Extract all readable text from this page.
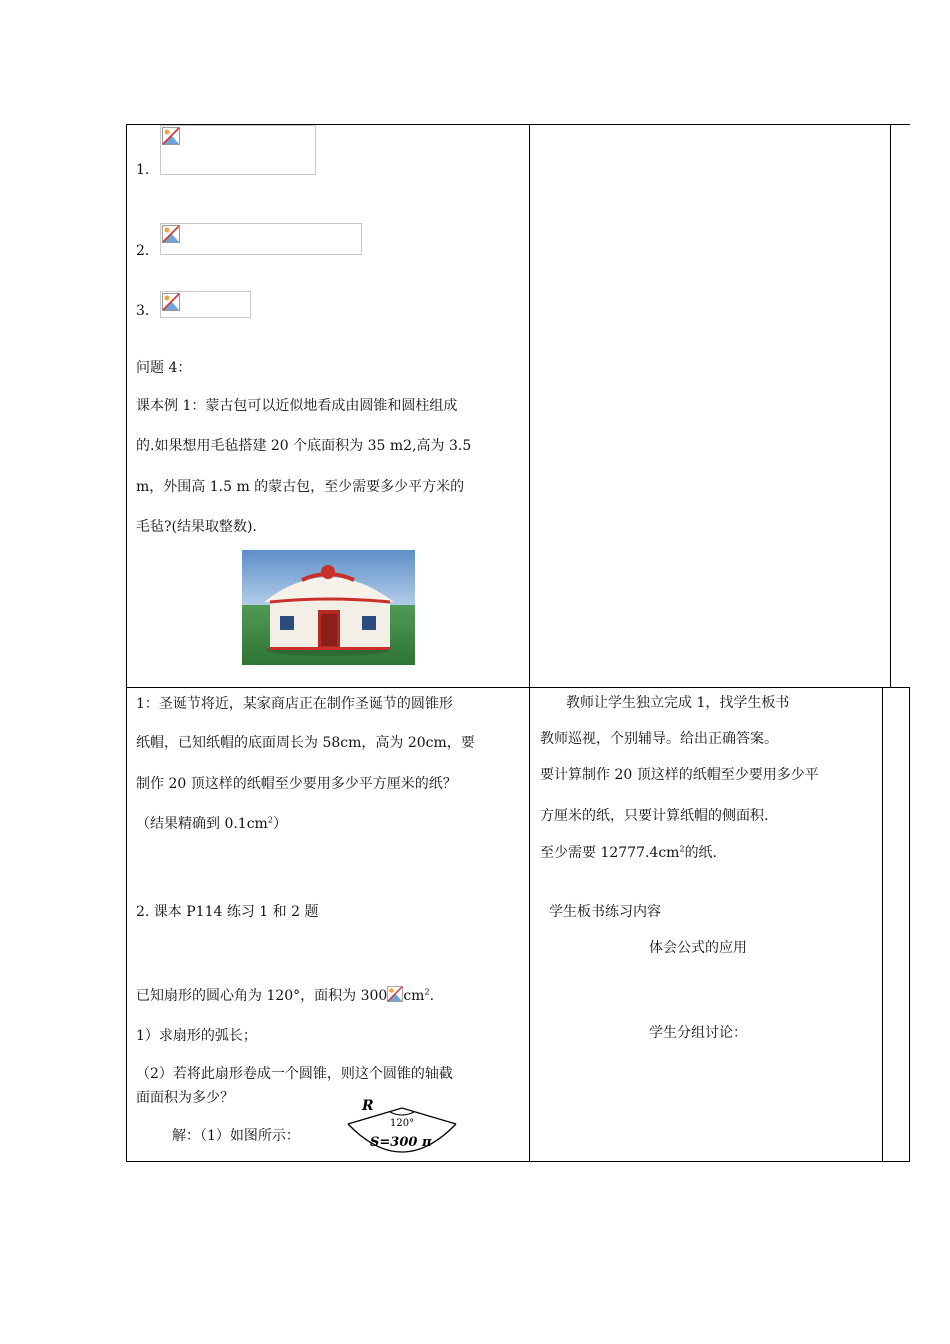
1.
2.
3.
问题 4：
课本例 1：蒙古包可以近似地看成由圆锥和圆柱组成
的.如果想用毛毡搭建 20 个底面积为 35 m2,高为 3.5
m，外围高 1.5 m 的蒙古包，至少需要多少平方米的
毛毡?(结果取整数).
1：圣诞节将近，某家商店正在制作圣诞节的圆锥形
纸帽，已知纸帽的底面周长为 58cm，高为 20cm，要
制作 20 顶这样的纸帽至少要用多少平方厘米的纸？
（结果精确到 $0.1cm^2$）
2. 课本 P114 练习 1 和 2 题
已知扇形的圆心角为 120°，面积为 300 $cm^2$.
1）求扇形的弧长；
（2）若将此扇形卷成一个圆锥，则这个圆锥的轴截
面面积为多少？
解：（1）如图所示：
R
120°
S=300 π
教师让学生独立完成 1，找学生板书
教师巡视，个别辅导。给出正确答案。
要计算制作 20 顶这样的纸帽至少要用多少平
方厘米的纸，只要计算纸帽的侧面积.
至少需要 $12777.4cm^2$的纸.
学生板书练习内容
体会公式的应用
学生分组讨论：
